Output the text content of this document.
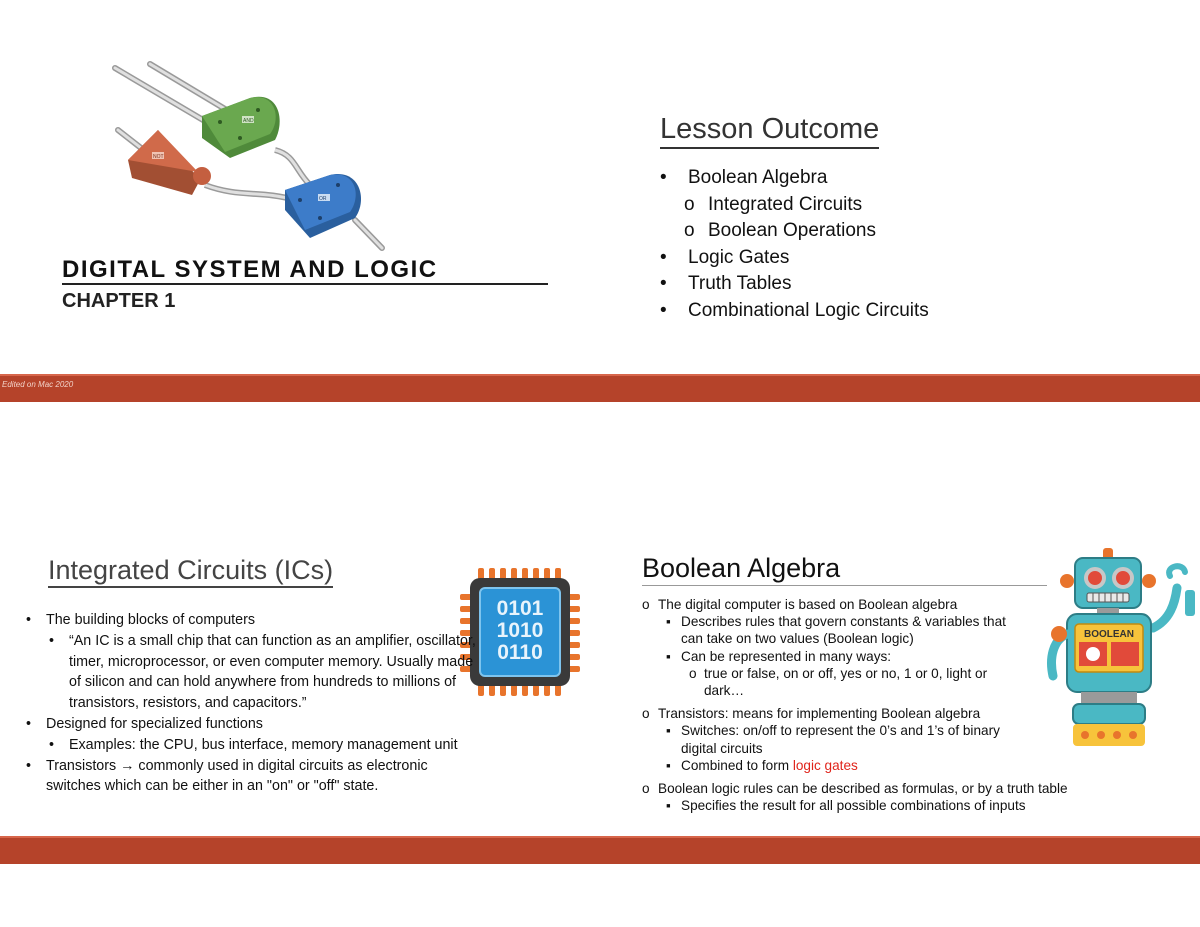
AND
NOT
OR
DIGITAL SYSTEM AND LOGIC
CHAPTER 1
Lesson Outcome
• Boolean Algebra
o Integrated Circuits
o Boolean Operations
• Logic Gates
• Truth Tables
• Combinational Logic Circuits
Edited on Mac 2020
Integrated Circuits (ICs)
0101
1010
0110
• The building blocks of computers
• “An IC is a small chip that can function as an amplifier, oscillator, timer, microprocessor, or even computer memory. Usually made of silicon and can hold anywhere from hundreds to millions of transistors, resistors, and capacitors.”
• Designed for specialized functions
• Examples: the CPU, bus interface, memory management unit
• Transistors → commonly used in digital circuits as electronic switches which can be either in an "on" or "off" state.
Boolean Algebra
o The digital computer is based on Boolean algebra
▪ Describes rules that govern constants & variables that can take on two values (Boolean logic)
▪ Can be represented in many ways:
o true or false, on or off, yes or no, 1 or 0, light or dark…
o Transistors: means for implementing Boolean algebra
▪ Switches: on/off to represent the 0’s and 1’s of binary digital circuits
▪ Combined to form logic gates
o Boolean logic rules can be described as formulas, or by a truth table
▪ Specifies the result for all possible combinations of inputs
BOOLEAN
